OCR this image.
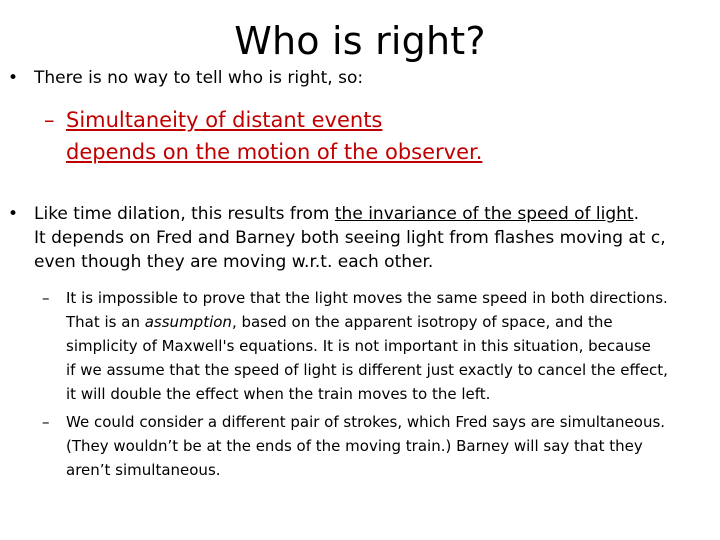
Who is right?
• There is no way to tell who is right, so:
– Simultaneity of distant events
depends on the motion of the observer.
• Like time dilation, this results from the invariance of the speed of light.
It depends on Fred and Barney both seeing light from flashes moving at c,
even though they are moving w.r.t. each other.
– It is impossible to prove that the light moves the same speed in both directions.
That is an assumption, based on the apparent isotropy of space, and the
simplicity of Maxwell's equations. It is not important in this situation, because
if we assume that the speed of light is different just exactly to cancel the effect,
it will double the effect when the train moves to the left.
– We could consider a different pair of strokes, which Fred says are simultaneous.
(They wouldn’t be at the ends of the moving train.) Barney will say that they
aren’t simultaneous.
